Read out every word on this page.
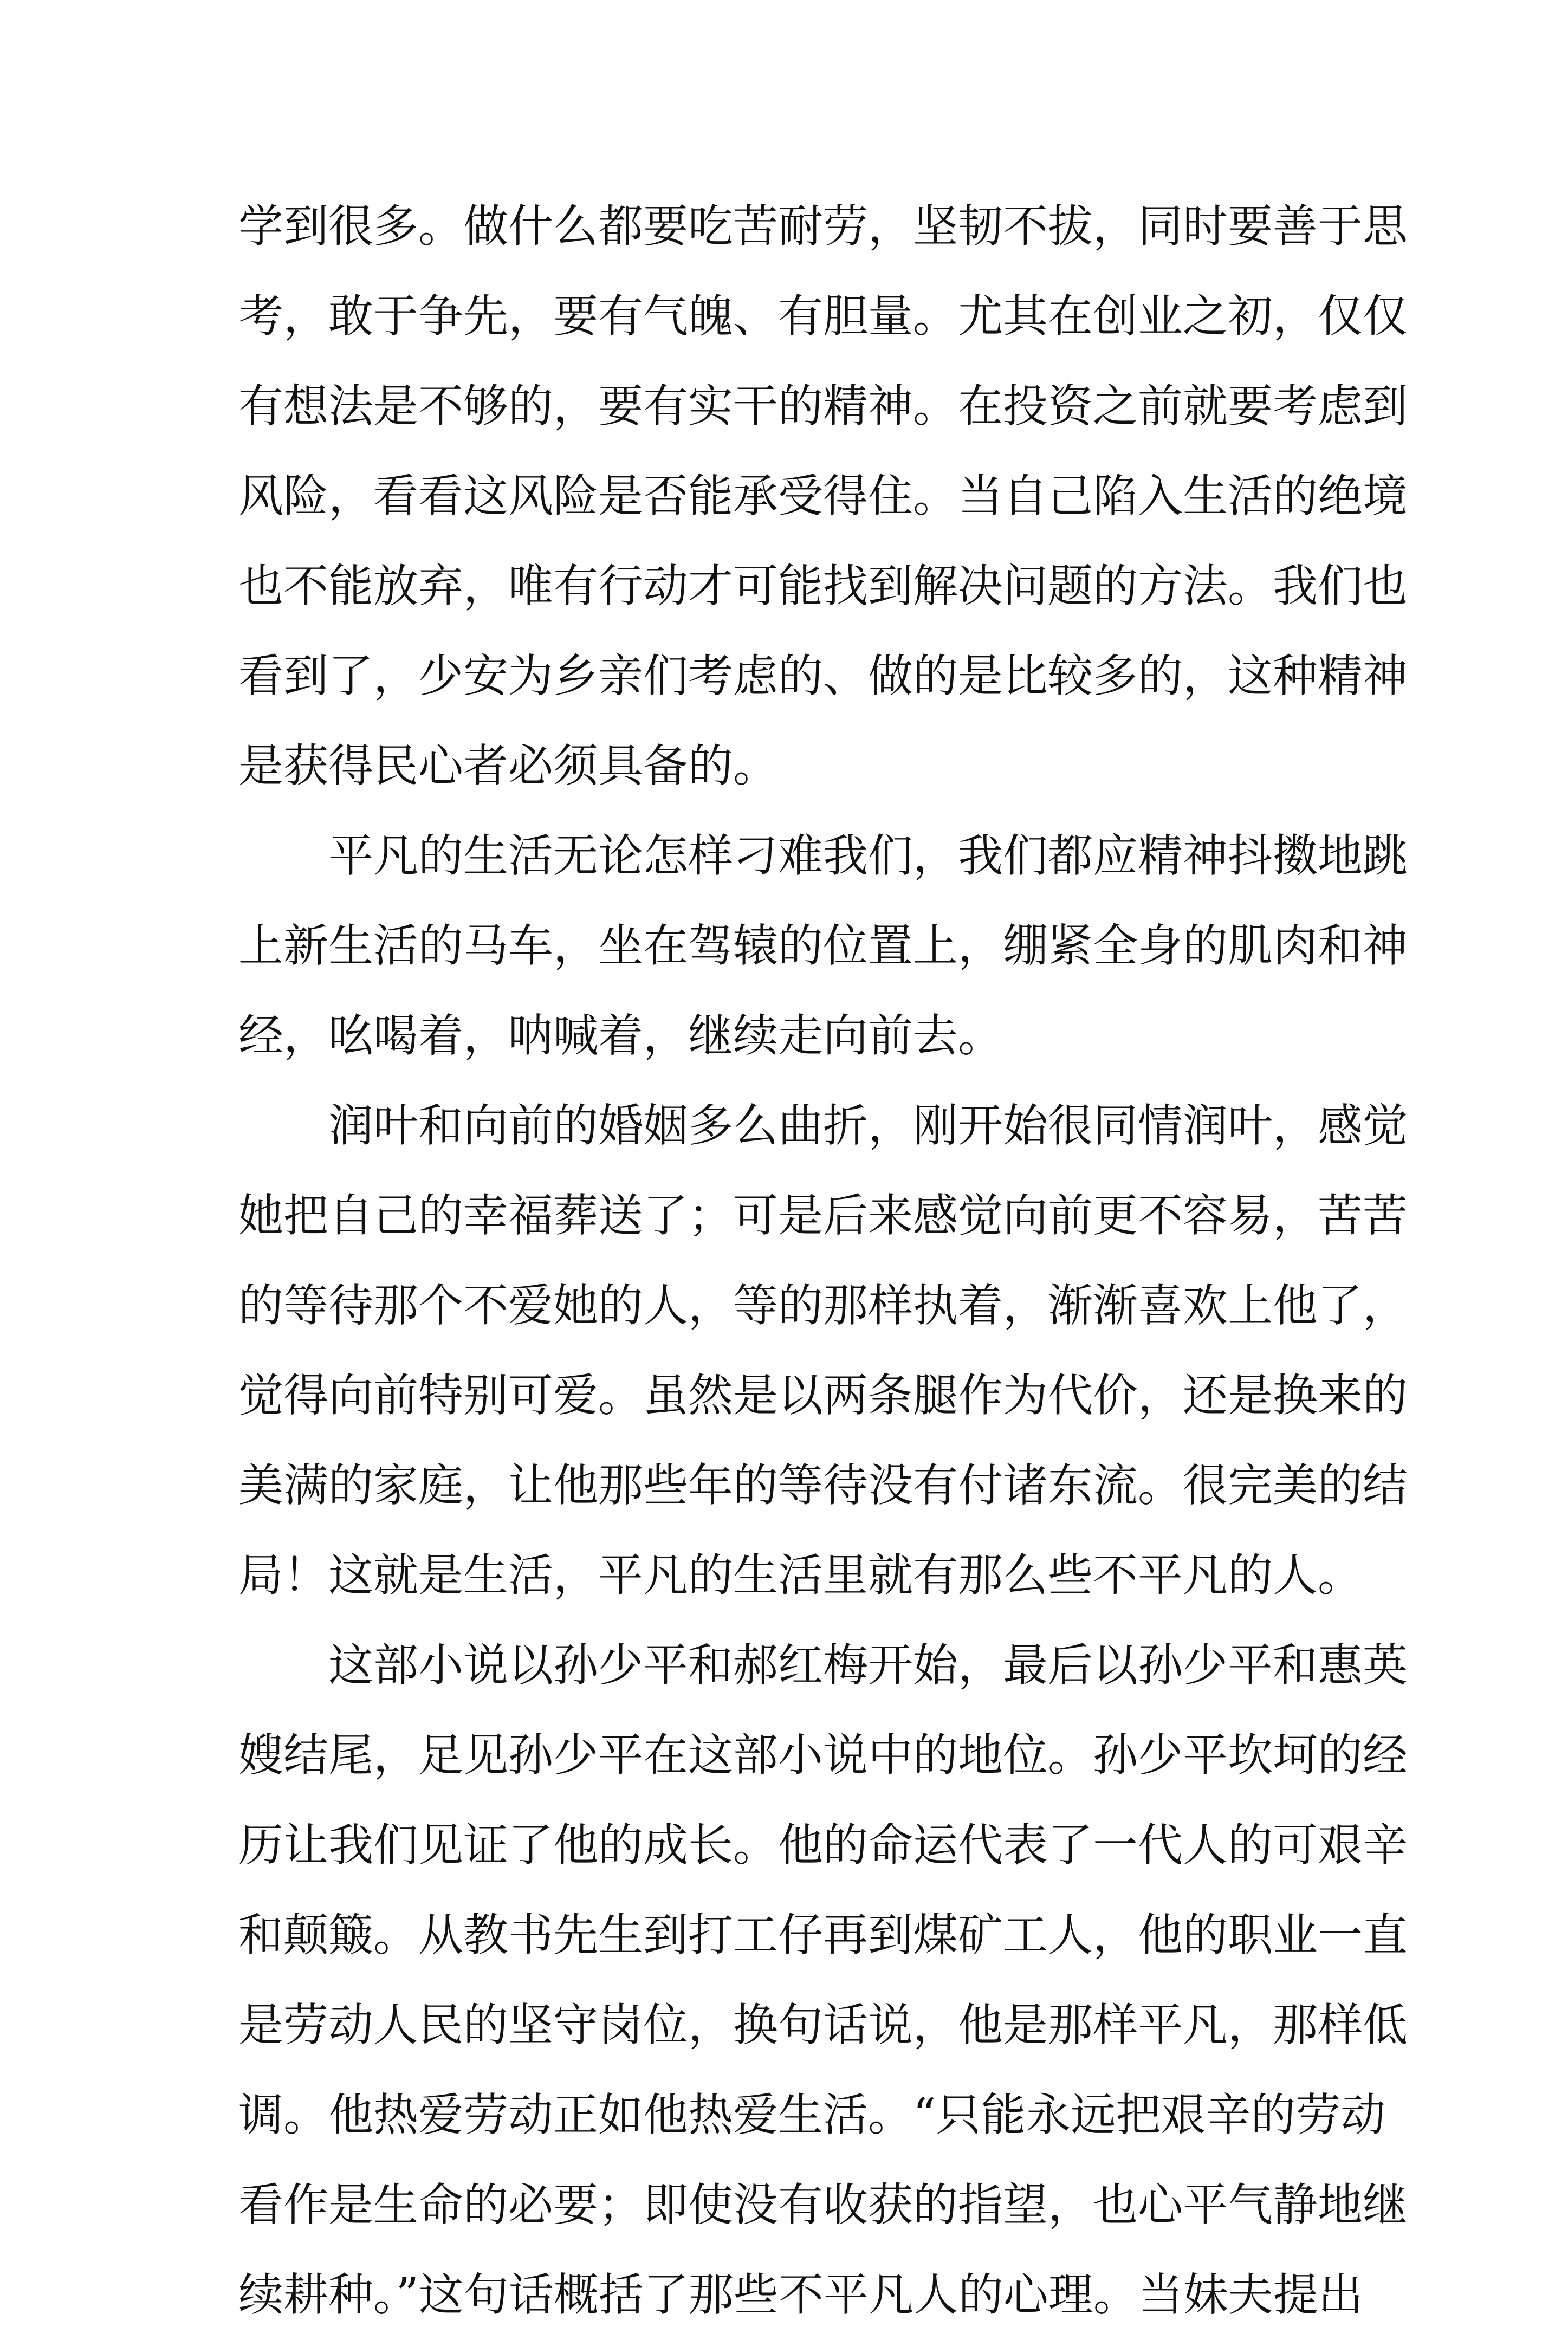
学到很多。做什么都要吃苦耐劳，坚韧不拔，同时要善于思
考，敢于争先，要有气魄、有胆量。尤其在创业之初，仅仅
有想法是不够的，要有实干的精神。在投资之前就要考虑到
风险，看看这风险是否能承受得住。当自己陷入生活的绝境
也不能放弃，唯有行动才可能找到解决问题的方法。我们也
看到了，少安为乡亲们考虑的、做的是比较多的，这种精神
是获得民心者必须具备的。
平凡的生活无论怎样刁难我们，我们都应精神抖擞地跳
上新生活的马车，坐在驾辕的位置上，绷紧全身的肌肉和神
经，吆喝着，呐喊着，继续走向前去。
润叶和向前的婚姻多么曲折，刚开始很同情润叶，感觉
她把自己的幸福葬送了；可是后来感觉向前更不容易，苦苦
的等待那个不爱她的人，等的那样执着，渐渐喜欢上他了，
觉得向前特别可爱。虽然是以两条腿作为代价，还是换来的
美满的家庭，让他那些年的等待没有付诸东流。很完美的结
局！这就是生活，平凡的生活里就有那么些不平凡的人。
这部小说以孙少平和郝红梅开始，最后以孙少平和惠英
嫂结尾，足见孙少平在这部小说中的地位。孙少平坎坷的经
历让我们见证了他的成长。他的命运代表了一代人的可艰辛
和颠簸。从教书先生到打工仔再到煤矿工人，他的职业一直
是劳动人民的坚守岗位，换句话说，他是那样平凡，那样低
调。他热爱劳动正如他热爱生活。“只能永远把艰辛的劳动
看作是生命的必要；即使没有收获的指望，也心平气静地继
续耕种。”这句话概括了那些不平凡人的心理。当妹夫提出
